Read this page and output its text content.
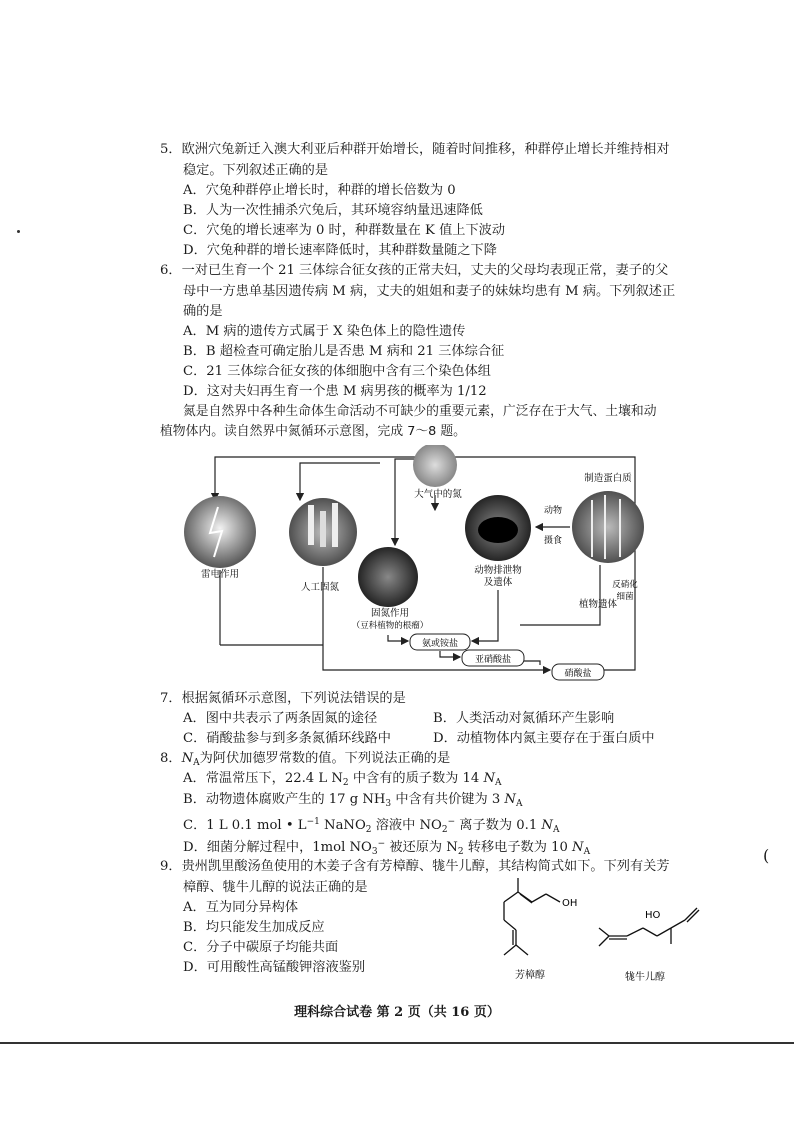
(
5．欧洲穴兔新迁入澳大利亚后种群开始增长，随着时间推移，种群停止增长并维持相对
稳定。下列叙述正确的是
A．穴兔种群停止增长时，种群的增长倍数为 0
B．人为一次性捕杀穴兔后，其环境容纳量迅速降低
C．穴兔的增长速率为 0 时，种群数量在 K 值上下波动
D．穴兔种群的增长速率降低时，其种群数量随之下降
6．一对已生育一个 21 三体综合征女孩的正常夫妇，丈夫的父母均表现正常，妻子的父
母中一方患单基因遗传病 M 病，丈夫的姐姐和妻子的妹妹均患有 M 病。下列叙述正
确的是
A．M 病的遗传方式属于 X 染色体上的隐性遗传
B．B 超检查可确定胎儿是否患 M 病和 21 三体综合征
C．21 三体综合征女孩的体细胞中含有三个染色体组
D．这对夫妇再生育一个患 M 病男孩的概率为 1/12
氮是自然界中各种生命体生命活动不可缺少的重要元素，广泛存在于大气、土壤和动
植物体内。读自然界中氮循环示意图，完成 7～8 题。
大气中的氮
雷电作用
人工固氮
固氮作用
（豆科植物的根瘤）
动物排泄物
及遗体
制造蛋白质
动物
摄食
植物遗体
反硝化
细菌
氨或铵盐
亚硝酸盐
硝酸盐
7．根据氮循环示意图，下列说法错误的是
A．图中共表示了两条固氮的途径	B．人类活动对氮循环产生影响
C．硝酸盐参与到多条氮循环线路中	D．动植物体内氮主要存在于蛋白质中
8．$N_A$为阿伏加德罗常数的值。下列说法正确的是
A．常温常压下，22.4 L $N_2$ 中含有的质子数为 14 $N_A$
B．动物遗体腐败产生的 17 g $NH_3$ 中含有共价键为 3 $N_A$
C．1 L 0.1 mol • $L^{-1}$ NaNO$_2$ 溶液中 $NO_2^-$ 离子数为 0.1 $N_A$
D．细菌分解过程中，1mol $NO_3^-$ 被还原为 $N_2$ 转移电子数为 10 $N_A$
9．贵州凯里酸汤鱼使用的木姜子含有芳樟醇、牻牛儿醇，其结构简式如下。下列有关芳
樟醇、牻牛儿醇的说法正确的是
A．互为同分异构体
B．均只能发生加成反应
C．分子中碳原子均能共面
D．可用酸性高锰酸钾溶液鉴别
OH
芳樟醇
HO
牻牛儿醇
理科综合试卷 第 2 页（共 16 页）
